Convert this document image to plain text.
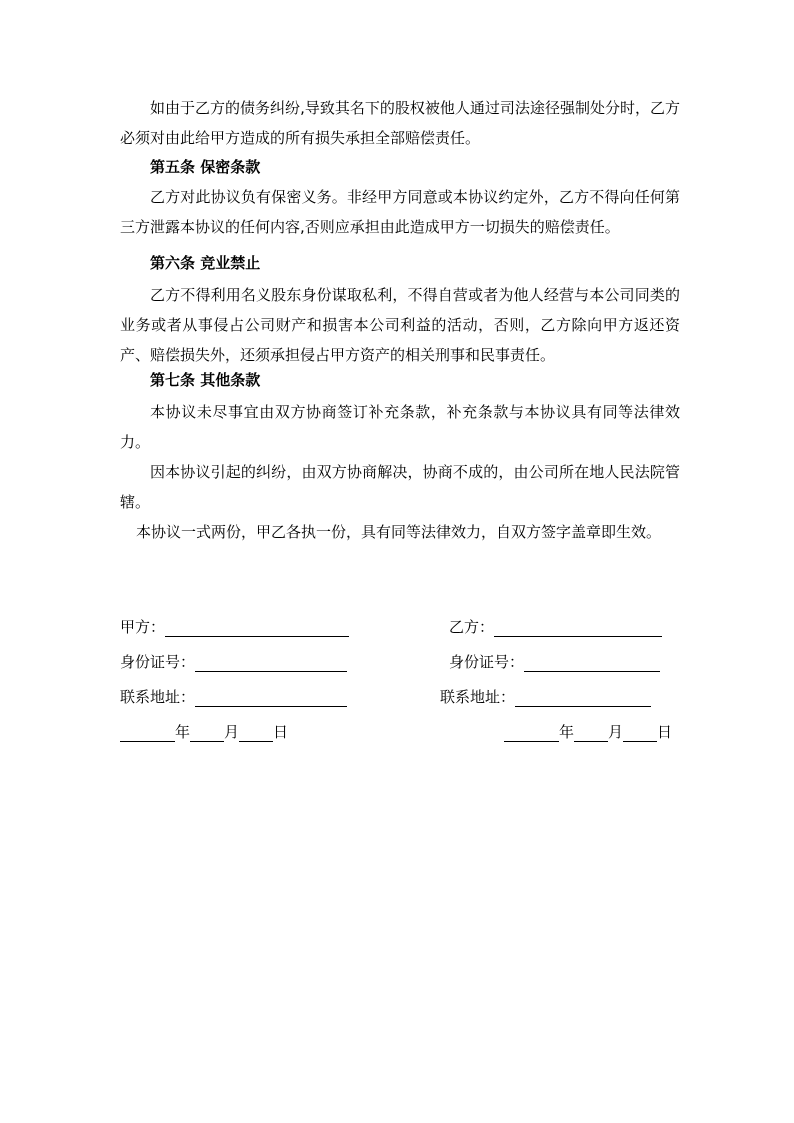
如由于乙方的债务纠纷,导致其名下的股权被他人通过司法途径强制处分时，乙方必须对由此给甲方造成的所有损失承担全部赔偿责任。

第五条 保密条款

乙方对此协议负有保密义务。非经甲方同意或本协议约定外，乙方不得向任何第三方泄露本协议的任何内容,否则应承担由此造成甲方一切损失的赔偿责任。

第六条 竞业禁止

乙方不得利用名义股东身份谋取私利，不得自营或者为他人经营与本公司同类的业务或者从事侵占公司财产和损害本公司利益的活动，否则，乙方除向甲方返还资产、赔偿损失外，还须承担侵占甲方资产的相关刑事和民事责任。

第七条 其他条款

本协议未尽事宜由双方协商签订补充条款，补充条款与本协议具有同等法律效力。

因本协议引起的纠纷，由双方协商解决，协商不成的，由公司所在地人民法院管辖。

本协议一式两份，甲乙各执一份，具有同等法律效力，自双方签字盖章即生效。

甲方：
身份证号：
联系地址：
年 月 日
乙方：
身份证号：
联系地址：
年 月 日
